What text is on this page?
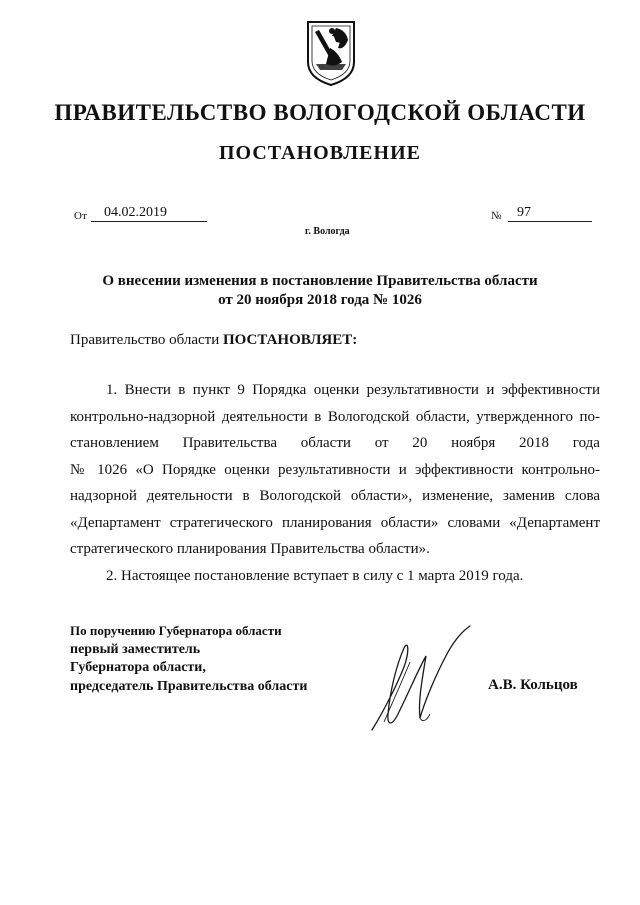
ПРАВИТЕЛЬСТВО ВОЛОГОДСКОЙ ОБЛАСТИ
ПОСТАНОВЛЕНИЕ
От 04.02.2019	№ 97
г. Вологда
О внесении изменения в постановление Правительства области
от 20 ноября 2018 года № 1026
Правительство области ПОСТАНОВЛЯЕТ:
1. Внести в пункт 9 Порядка оценки результативности и эффективности
контрольно-надзорной деятельности в Вологодской области, утвержденного по-
становлением Правительства области от 20 ноября 2018 года
№ 1026 «О Порядке оценки результативности и эффективности контрольно-
надзорной деятельности в Вологодской области», изменение, заменив слова
«Департамент стратегического планирования области» словами «Департамент
стратегического планирования Правительства области».
2. Настоящее постановление вступает в силу с 1 марта 2019 года.
По поручению Губернатора области
первый заместитель
Губернатора области,
председатель Правительства области	А.В. Кольцов
